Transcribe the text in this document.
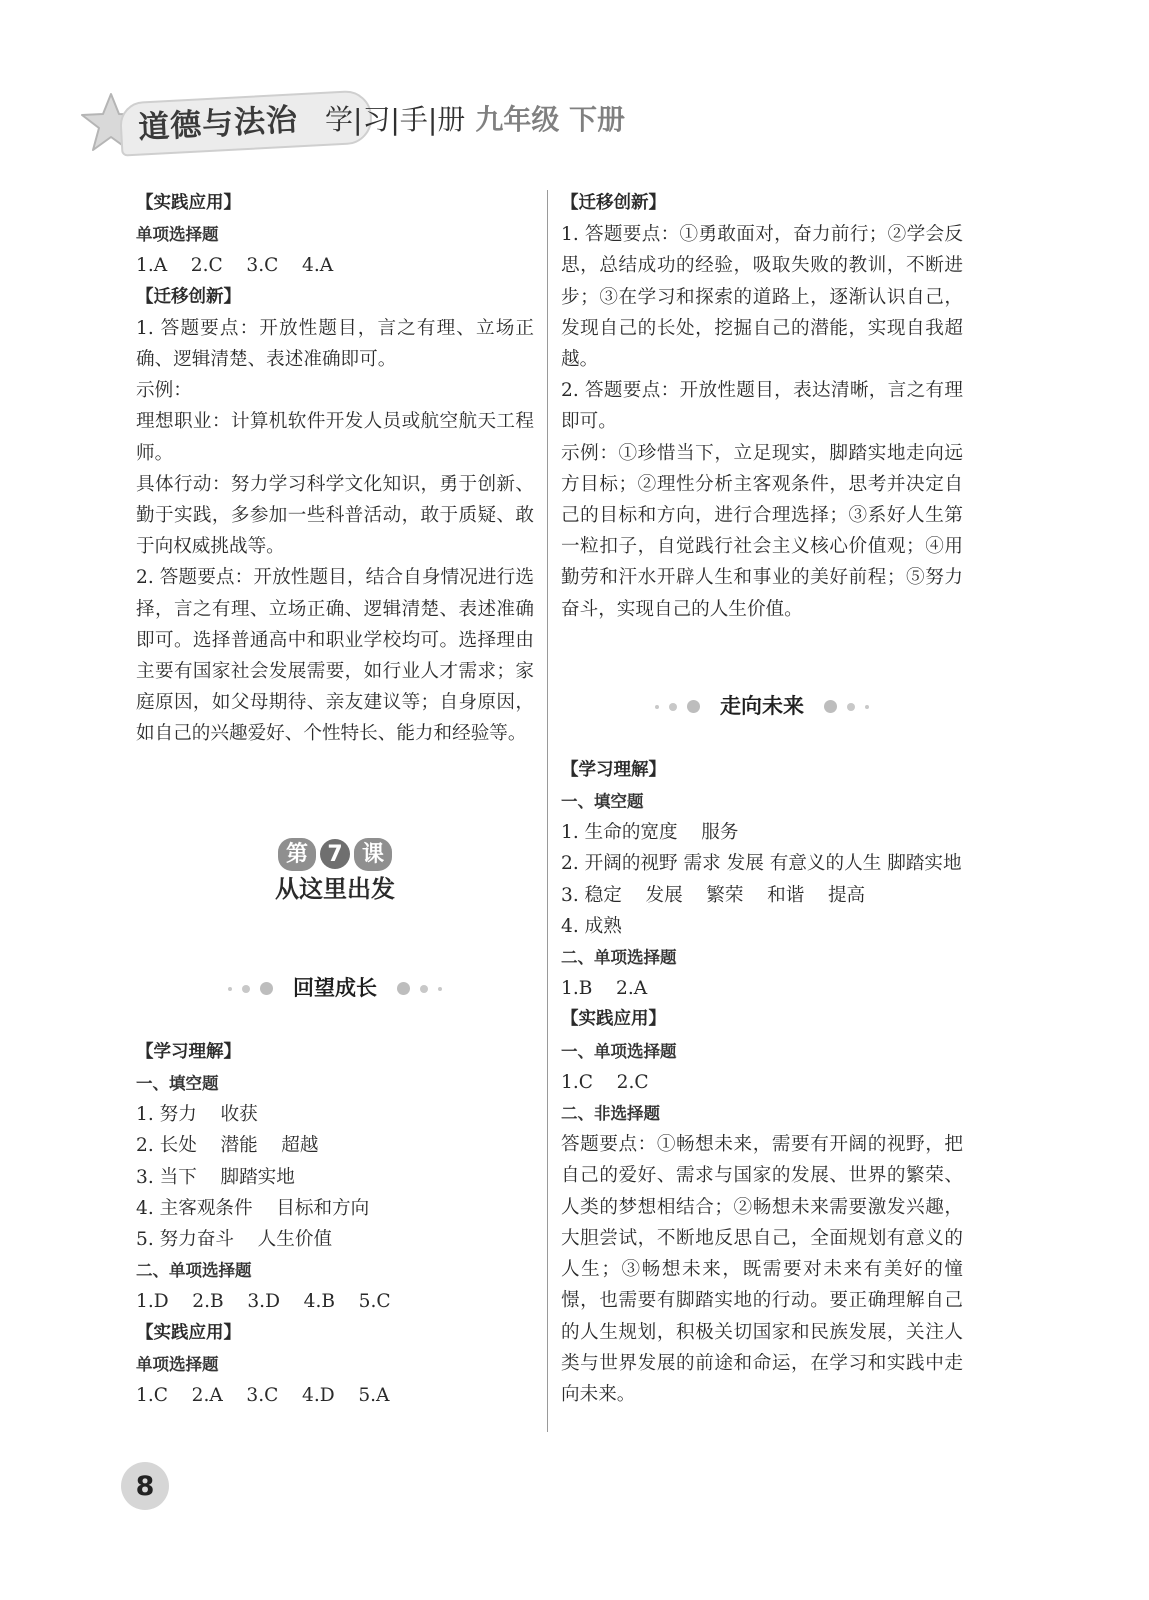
道德与法治 学|习|手|册 九年级 下册
【实践应用】
单项选择题
1.A    2.C    3.C    4.A
【迁移创新】
1. 答题要点：开放性题目，言之有理、立场正确、逻辑清楚、表述准确即可。
示例：
理想职业：计算机软件开发人员或航空航天工程师。
具体行动：努力学习科学文化知识，勇于创新、勤于实践，多参加一些科普活动，敢于质疑、敢于向权威挑战等。
2. 答题要点：开放性题目，结合自身情况进行选择，言之有理、立场正确、逻辑清楚、表述准确即可。选择普通高中和职业学校均可。选择理由主要有国家社会发展需要，如行业人才需求；家庭原因，如父母期待、亲友建议等；自身原因，如自己的兴趣爱好、个性特长、能力和经验等。
第 7 课
从这里出发
回望成长
【学习理解】
一、填空题
1. 努力    收获
2. 长处    潜能    超越
3. 当下    脚踏实地
4. 主客观条件    目标和方向
5. 努力奋斗    人生价值
二、单项选择题
1.D    2.B    3.D    4.B    5.C
【实践应用】
单项选择题
1.C    2.A    3.C    4.D    5.A
【迁移创新】
1. 答题要点：①勇敢面对，奋力前行；②学会反思，总结成功的经验，吸取失败的教训，不断进步；③在学习和探索的道路上，逐渐认识自己，发现自己的长处，挖掘自己的潜能，实现自我超越。
2. 答题要点：开放性题目，表达清晰，言之有理即可。
示例：①珍惜当下，立足现实，脚踏实地走向远方目标；②理性分析主客观条件，思考并决定自己的目标和方向，进行合理选择；③系好人生第一粒扣子，自觉践行社会主义核心价值观；④用勤劳和汗水开辟人生和事业的美好前程；⑤努力奋斗，实现自己的人生价值。
走向未来
【学习理解】
一、填空题
1. 生命的宽度    服务
2. 开阔的视野 需求 发展 有意义的人生 脚踏实地
3. 稳定    发展    繁荣    和谐    提高
4. 成熟
二、单项选择题
1.B    2.A
【实践应用】
一、单项选择题
1.C    2.C
二、非选择题
答题要点：①畅想未来，需要有开阔的视野，把自己的爱好、需求与国家的发展、世界的繁荣、人类的梦想相结合；②畅想未来需要激发兴趣，大胆尝试，不断地反思自己，全面规划有意义的人生；③畅想未来，既需要对未来有美好的憧憬，也需要有脚踏实地的行动。要正确理解自己的人生规划，积极关切国家和民族发展，关注人类与世界发展的前途和命运，在学习和实践中走向未来。
8
